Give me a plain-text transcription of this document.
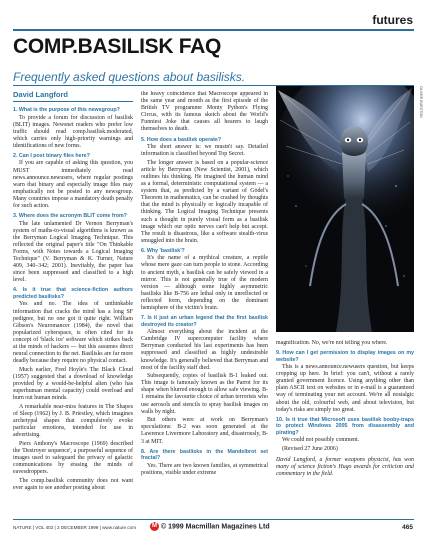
futures
COMP.BASILISK FAQ
Frequently asked questions about basilisks.
David Langford
1. What is the purpose of this newsgroup?

To provide a forum for discussion of basilisk (BLIT) images. Newsnet readers who prefer low traffic should read comp.basilisk.moderated, which carries only high-priority warnings and identifications of new forms.

2. Can I post binary files here?

If you are capable of asking this question, you MUST immediately read news.announce.newusers, where regular postings warn that binary and especially image files may emphatically not be posted to any newsgroup. Many countries impose a mandatory death penalty for such action.

3. Where does the acronym BLIT come from?

The late unlamented Dr Vernon Berryman's system of maths-to-visual algorithms is known as the Berryman Logical Imaging Technique. This reflected the original paper's title "On Thinkable Forms, with Notes towards a Logical Imaging Technique" (V. Berryman & K. Turner, Nature 409, 340–342; 2001). Inevitably, the paper has since been suppressed and classified to a high level.

4. Is it true that science-fiction authors predicted basilisks?

Yes and no. The idea of unthinkable information that cracks the mind has a long SF pedigree, but no one got it quite right. William Gibson's Neuromancer (1984), the novel that popularized cyberspace, is often cited for its concept of 'black ice' software which strikes back at the minds of hackers — but this assumes direct neural connection to the net. Basilisks are far more deadly because they require no physical contact.

Much earlier, Fred Hoyle's The Black Cloud (1957) suggested that a download of knowledge provided by a would-be-helpful alien (who has superhuman mental capacity) could overload and burn out human minds.

A remarkable near-miss features in The Shapes of Sleep (1962) by J. B. Priestley, which imagines archetypal shapes that compulsively evoke particular emotions, intended for use in advertising.

Piers Anthony's Macroscope (1969) described the 'Destroyer sequence', a purposeful sequence of images used to safeguard the privacy of galactic communications by erasing the minds of eavesdroppers.

The comp.basilisk community does not want ever again to see another posting about

the heavy coincidence that Macroscope appeared in the same year and month as the first episode of the British TV programme Monty Python's Flying Circus, with its famous sketch about the World's Funniest Joke that causes all hearers to laugh themselves to death.

5. How does a basilisk operate?

The short answer is: we mustn't say. Detailed information is classified beyond Top Secret.

The longer answer is based on a popular-science article by Berryman (New Scientist, 2001), which outlines his thinking. He imagined the human mind as a formal, deterministic computational system — a system that, as predicted by a variant of Gödel's Theorem in mathematics, can be crashed by thoughts that the mind is physically or logically incapable of thinking. The Logical Imaging Technique presents such a thought in purely visual form as a basilisk image which our optic nerves can't help but accept. The result is disastrous, like a software stealth-virus smuggled into the brain.

6. Why 'basilisk'?

It's the name of a mythical creature, a reptile whose mere gaze can turn people to stone. According to ancient myth, a basilisk can be safely viewed in a mirror. This is not generally true of the modern version — although some highly asymmetric basilisks like B-756 are lethal only in unreflected or reflected form, depending on the dominant hemisphere of the victim's brain.

7. Is it just an urban legend that the first basilisk destroyed its creator?

Almost everything about the incident at the Cambridge IV supercomputer facility where Berryman conducted his last experiments has been suppressed and classified as highly undesirable knowledge. It's generally believed that Berryman and most of the facility staff died.

Subsequently, copies of basilisk B-1 leaked out. This image is famously known as the Parrot for its shape when blurred enough to allow safe viewing. B-1 remains the favourite choice of urban terrorists who use aerosols and stencils to spray basilisk images on walls by night.

But others were at work on Berryman's speculations: B-2 was soon generated at the Lawrence Livermore Laboratory and, disastrously, B-3 at MIT.

8. Are there basilisks in the Mandelbrot set fractal?

Yes. There are two known families, at symmetrical positions, visible under extreme

OLIVER BURSTON

magnification. No, we're not telling you where.

9. How can I get permission to display images on my website?

This is a news.announce.newusers question, but keeps cropping up here. In brief: you can't, without a rarely granted government licence. Using anything other than plain ASCII text on websites or in e-mail is a guaranteed way of terminating your net account. We're all nostalgic about the old, colourful web, and about television, but today's risks are simply too great.

10. Is it true that Microsoft uses basilisk booby-traps to protect Windows 2005 from disassembly and pirating?

We could not possibly comment.

(Revised 27 June 2006)

David Langford, a former weapons physicist, has won many of science fiction's Hugo awards for criticism and commentary in the field.

NATURE | VOL 402 | 2 DECEMBER 1999 | www.nature.com	M © 1999 Macmillan Magazines Ltd	465
